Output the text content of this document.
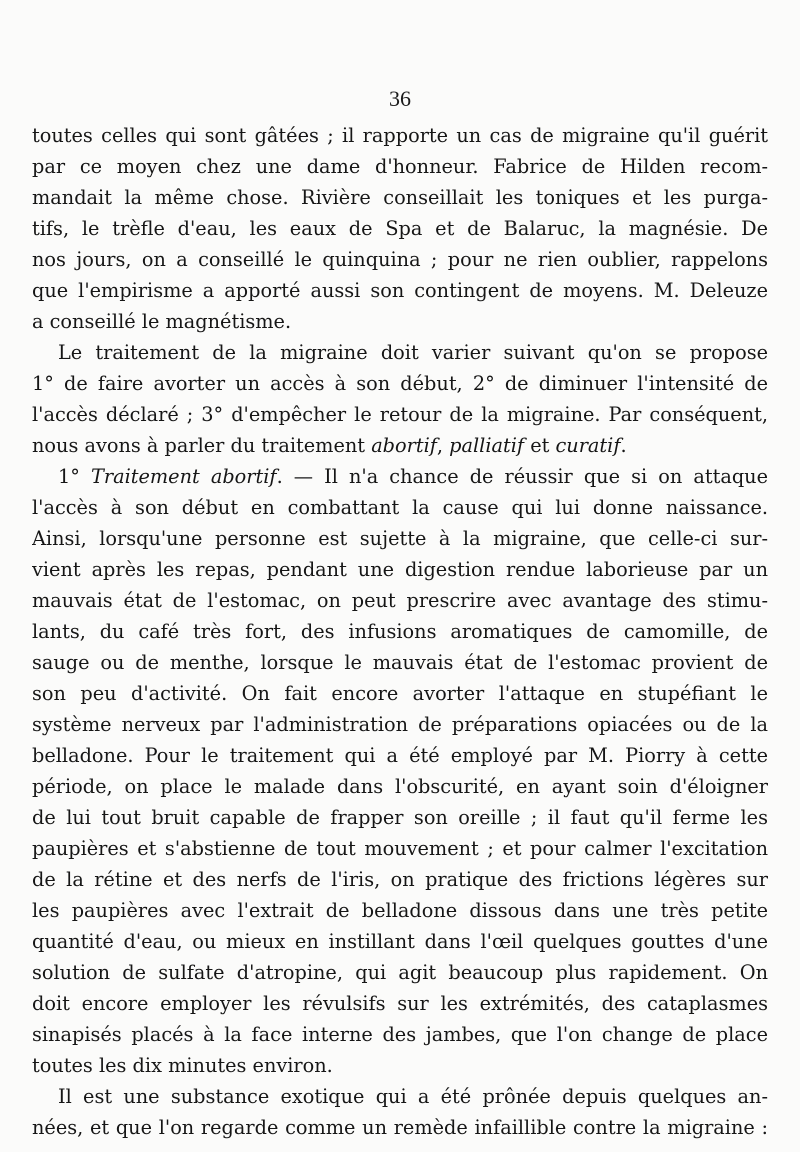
36
toutes celles qui sont gâtées ; il rapporte un cas de migraine qu'il guérit
par ce moyen chez une dame d'honneur. Fabrice de Hilden recom-
mandait la même chose. Rivière conseillait les toniques et les purga-
tifs, le trèfle d'eau, les eaux de Spa et de Balaruc, la magnésie. De
nos jours, on a conseillé le quinquina ; pour ne rien oublier, rappelons
que l'empirisme a apporté aussi son contingent de moyens. M. Deleuze
a conseillé le magnétisme.
Le traitement de la migraine doit varier suivant qu'on se propose
1° de faire avorter un accès à son début, 2° de diminuer l'intensité de
l'accès déclaré ; 3° d'empêcher le retour de la migraine. Par conséquent,
nous avons à parler du traitement abortif, palliatif et curatif.
1° Traitement abortif. — Il n'a chance de réussir que si on attaque
l'accès à son début en combattant la cause qui lui donne naissance.
Ainsi, lorsqu'une personne est sujette à la migraine, que celle-ci sur-
vient après les repas, pendant une digestion rendue laborieuse par un
mauvais état de l'estomac, on peut prescrire avec avantage des stimu-
lants, du café très fort, des infusions aromatiques de camomille, de
sauge ou de menthe, lorsque le mauvais état de l'estomac provient de
son peu d'activité. On fait encore avorter l'attaque en stupéfiant le
système nerveux par l'administration de préparations opiacées ou de la
belladone. Pour le traitement qui a été employé par M. Piorry à cette
période, on place le malade dans l'obscurité, en ayant soin d'éloigner
de lui tout bruit capable de frapper son oreille ; il faut qu'il ferme les
paupières et s'abstienne de tout mouvement ; et pour calmer l'excitation
de la rétine et des nerfs de l'iris, on pratique des frictions légères sur
les paupières avec l'extrait de belladone dissous dans une très petite
quantité d'eau, ou mieux en instillant dans l'œil quelques gouttes d'une
solution de sulfate d'atropine, qui agit beaucoup plus rapidement. On
doit encore employer les révulsifs sur les extrémités, des cataplasmes
sinapisés placés à la face interne des jambes, que l'on change de place
toutes les dix minutes environ.
Il est une substance exotique qui a été prônée depuis quelques an-
nées, et que l'on regarde comme un remède infaillible contre la migraine :
